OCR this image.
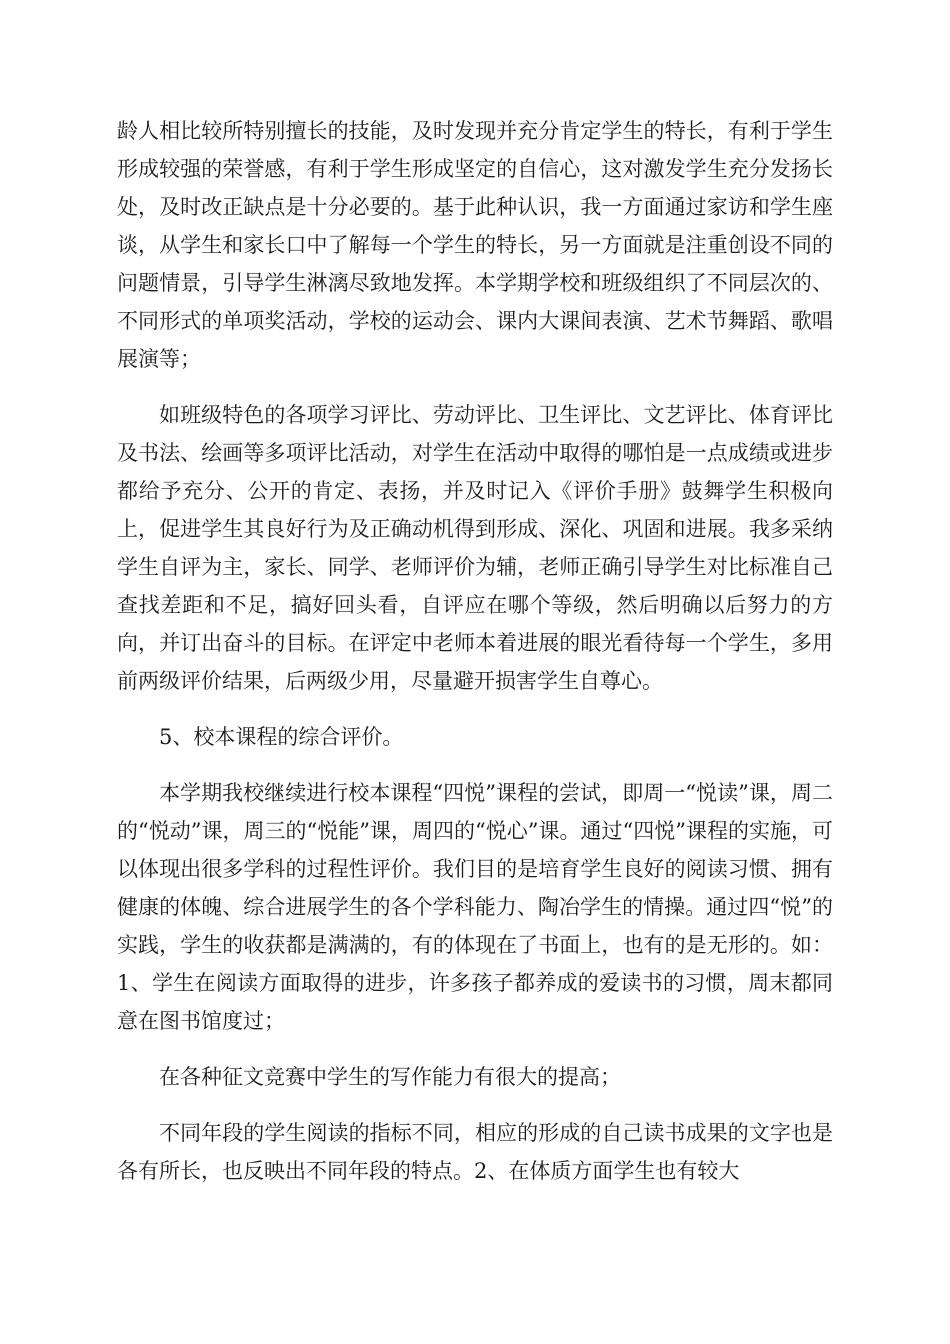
龄人相比较所特别擅长的技能，及时发现并充分肯定学生的特长，有利于学生形成较强的荣誉感，有利于学生形成坚定的自信心，这对激发学生充分发扬长处，及时改正缺点是十分必要的。基于此种认识，我一方面通过家访和学生座谈，从学生和家长口中了解每一个学生的特长，另一方面就是注重创设不同的问题情景，引导学生淋漓尽致地发挥。本学期学校和班级组织了不同层次的、不同形式的单项奖活动，学校的运动会、课内大课间表演、艺术节舞蹈、歌唱展演等；

如班级特色的各项学习评比、劳动评比、卫生评比、文艺评比、体育评比及书法、绘画等多项评比活动，对学生在活动中取得的哪怕是一点成绩或进步都给予充分、公开的肯定、表扬，并及时记入《评价手册》鼓舞学生积极向上，促进学生其良好行为及正确动机得到形成、深化、巩固和进展。我多采纳学生自评为主，家长、同学、老师评价为辅，老师正确引导学生对比标准自己查找差距和不足，搞好回头看，自评应在哪个等级，然后明确以后努力的方向，并订出奋斗的目标。在评定中老师本着进展的眼光看待每一个学生，多用前两级评价结果，后两级少用，尽量避开损害学生自尊心。

5、校本课程的综合评价。

本学期我校继续进行校本课程“四悦”课程的尝试，即周一“悦读”课，周二的“悦动”课，周三的“悦能”课，周四的“悦心”课。通过“四悦”课程的实施，可以体现出很多学科的过程性评价。我们目的是培育学生良好的阅读习惯、拥有健康的体魄、综合进展学生的各个学科能力、陶冶学生的情操。通过四“悦”的实践，学生的收获都是满满的，有的体现在了书面上，也有的是无形的。如：1、学生在阅读方面取得的进步，许多孩子都养成的爱读书的习惯，周末都同意在图书馆度过；

在各种征文竞赛中学生的写作能力有很大的提高；

不同年段的学生阅读的指标不同，相应的形成的自己读书成果的文字也是各有所长，也反映出不同年段的特点。2、在体质方面学生也有较大
